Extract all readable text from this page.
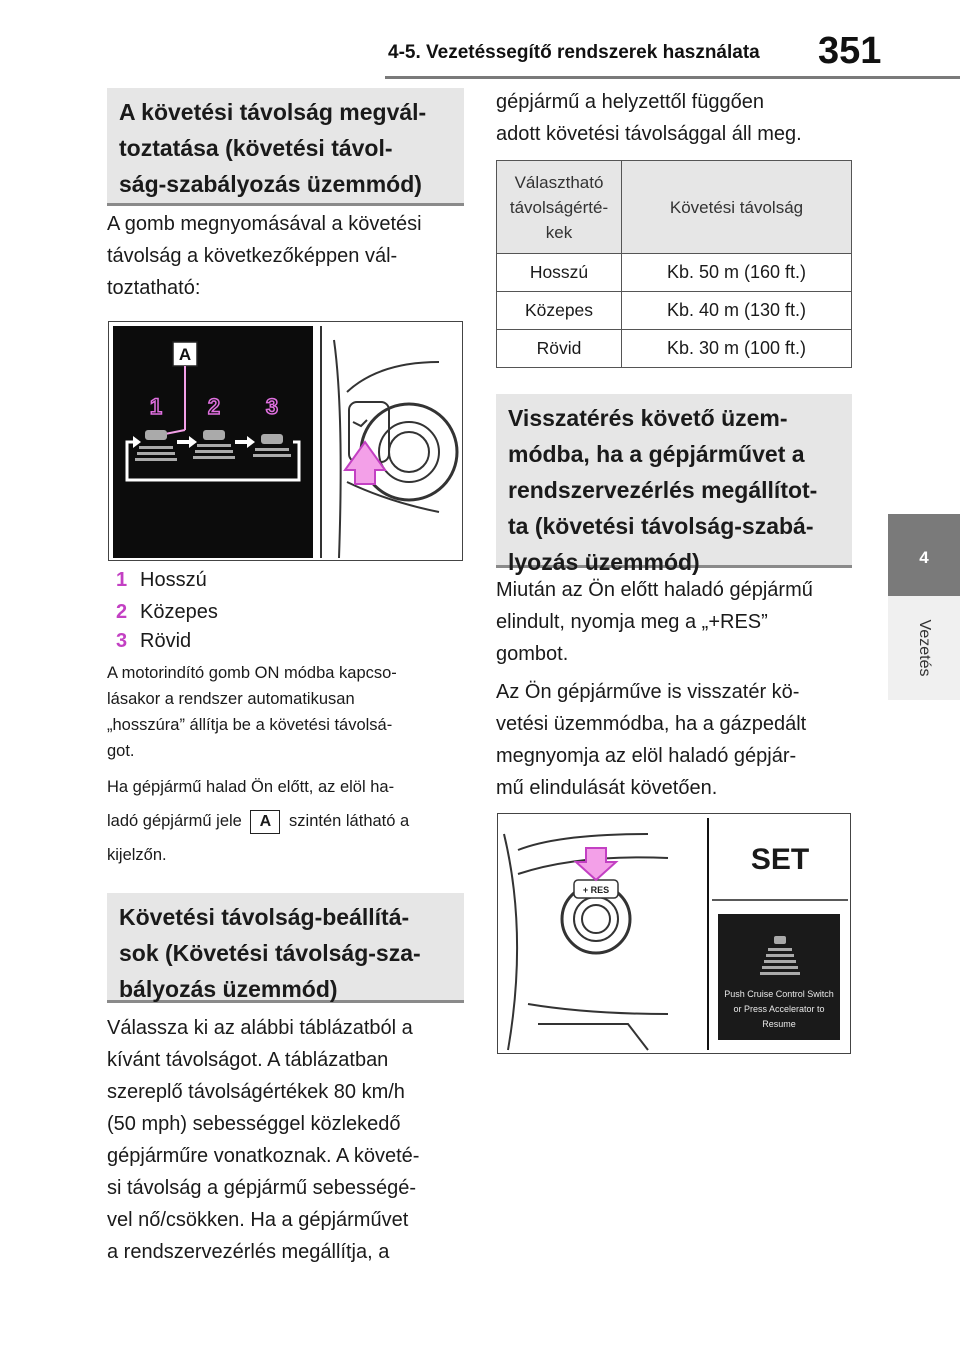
4-5. Vezetéssegítő rendszerek használata 351
4
Vezetés
A követési távolság megvál-
toztatása (követési távol-
ság-szabályozás üzemmód)
A gomb megnyomásával a követési
távolság a következőképpen vál-
toztatható:
A
1 2 3
1 Hosszú
2 Közepes
3 Rövid
A motorindító gomb ON módba kapcso-
lásakor a rendszer automatikusan
„hosszúra” állítja be a követési távolsá-
got.
Ha gépjármű halad Ön előtt, az elöl ha-
ladó gépjármű jele A szintén látható a
kijelzőn.
Követési távolság-beállítá-
sok (Követési távolság-sza-
bályozás üzemmód)
Válassza ki az alábbi táblázatból a
kívánt távolságot. A táblázatban
szereplő távolságértékek 80 km/h
(50 mph) sebességgel közlekedő
gépjárműre vonatkoznak. A követé-
si távolság a gépjármű sebességé-
vel nő/csökken. Ha a gépjárművet
a rendszervezérlés megállítja, a
gépjármű a helyzettől függően
adott követési távolsággal áll meg.
Választható
távolságérté-
kek	Követési távolság
Hosszú	Kb. 50 m (160 ft.)
Közepes	Kb. 40 m (130 ft.)
Rövid	Kb. 30 m (100 ft.)
Visszatérés követő üzem-
módba, ha a gépjárművet a
rendszervezérlés megállítot-
ta (követési távolság-szabá-
lyozás üzemmód)
Miután az Ön előtt haladó gépjármű
elindult, nyomja meg a „+RES”
gombot.
Az Ön gépjárműve is visszatér kö-
vetési üzemmódba, ha a gázpedált
megnyomja az elöl haladó gépjár-
mű elindulását követően.
+ RES
SET
Push Cruise Control Switch
or Press Accelerator to
Resume
